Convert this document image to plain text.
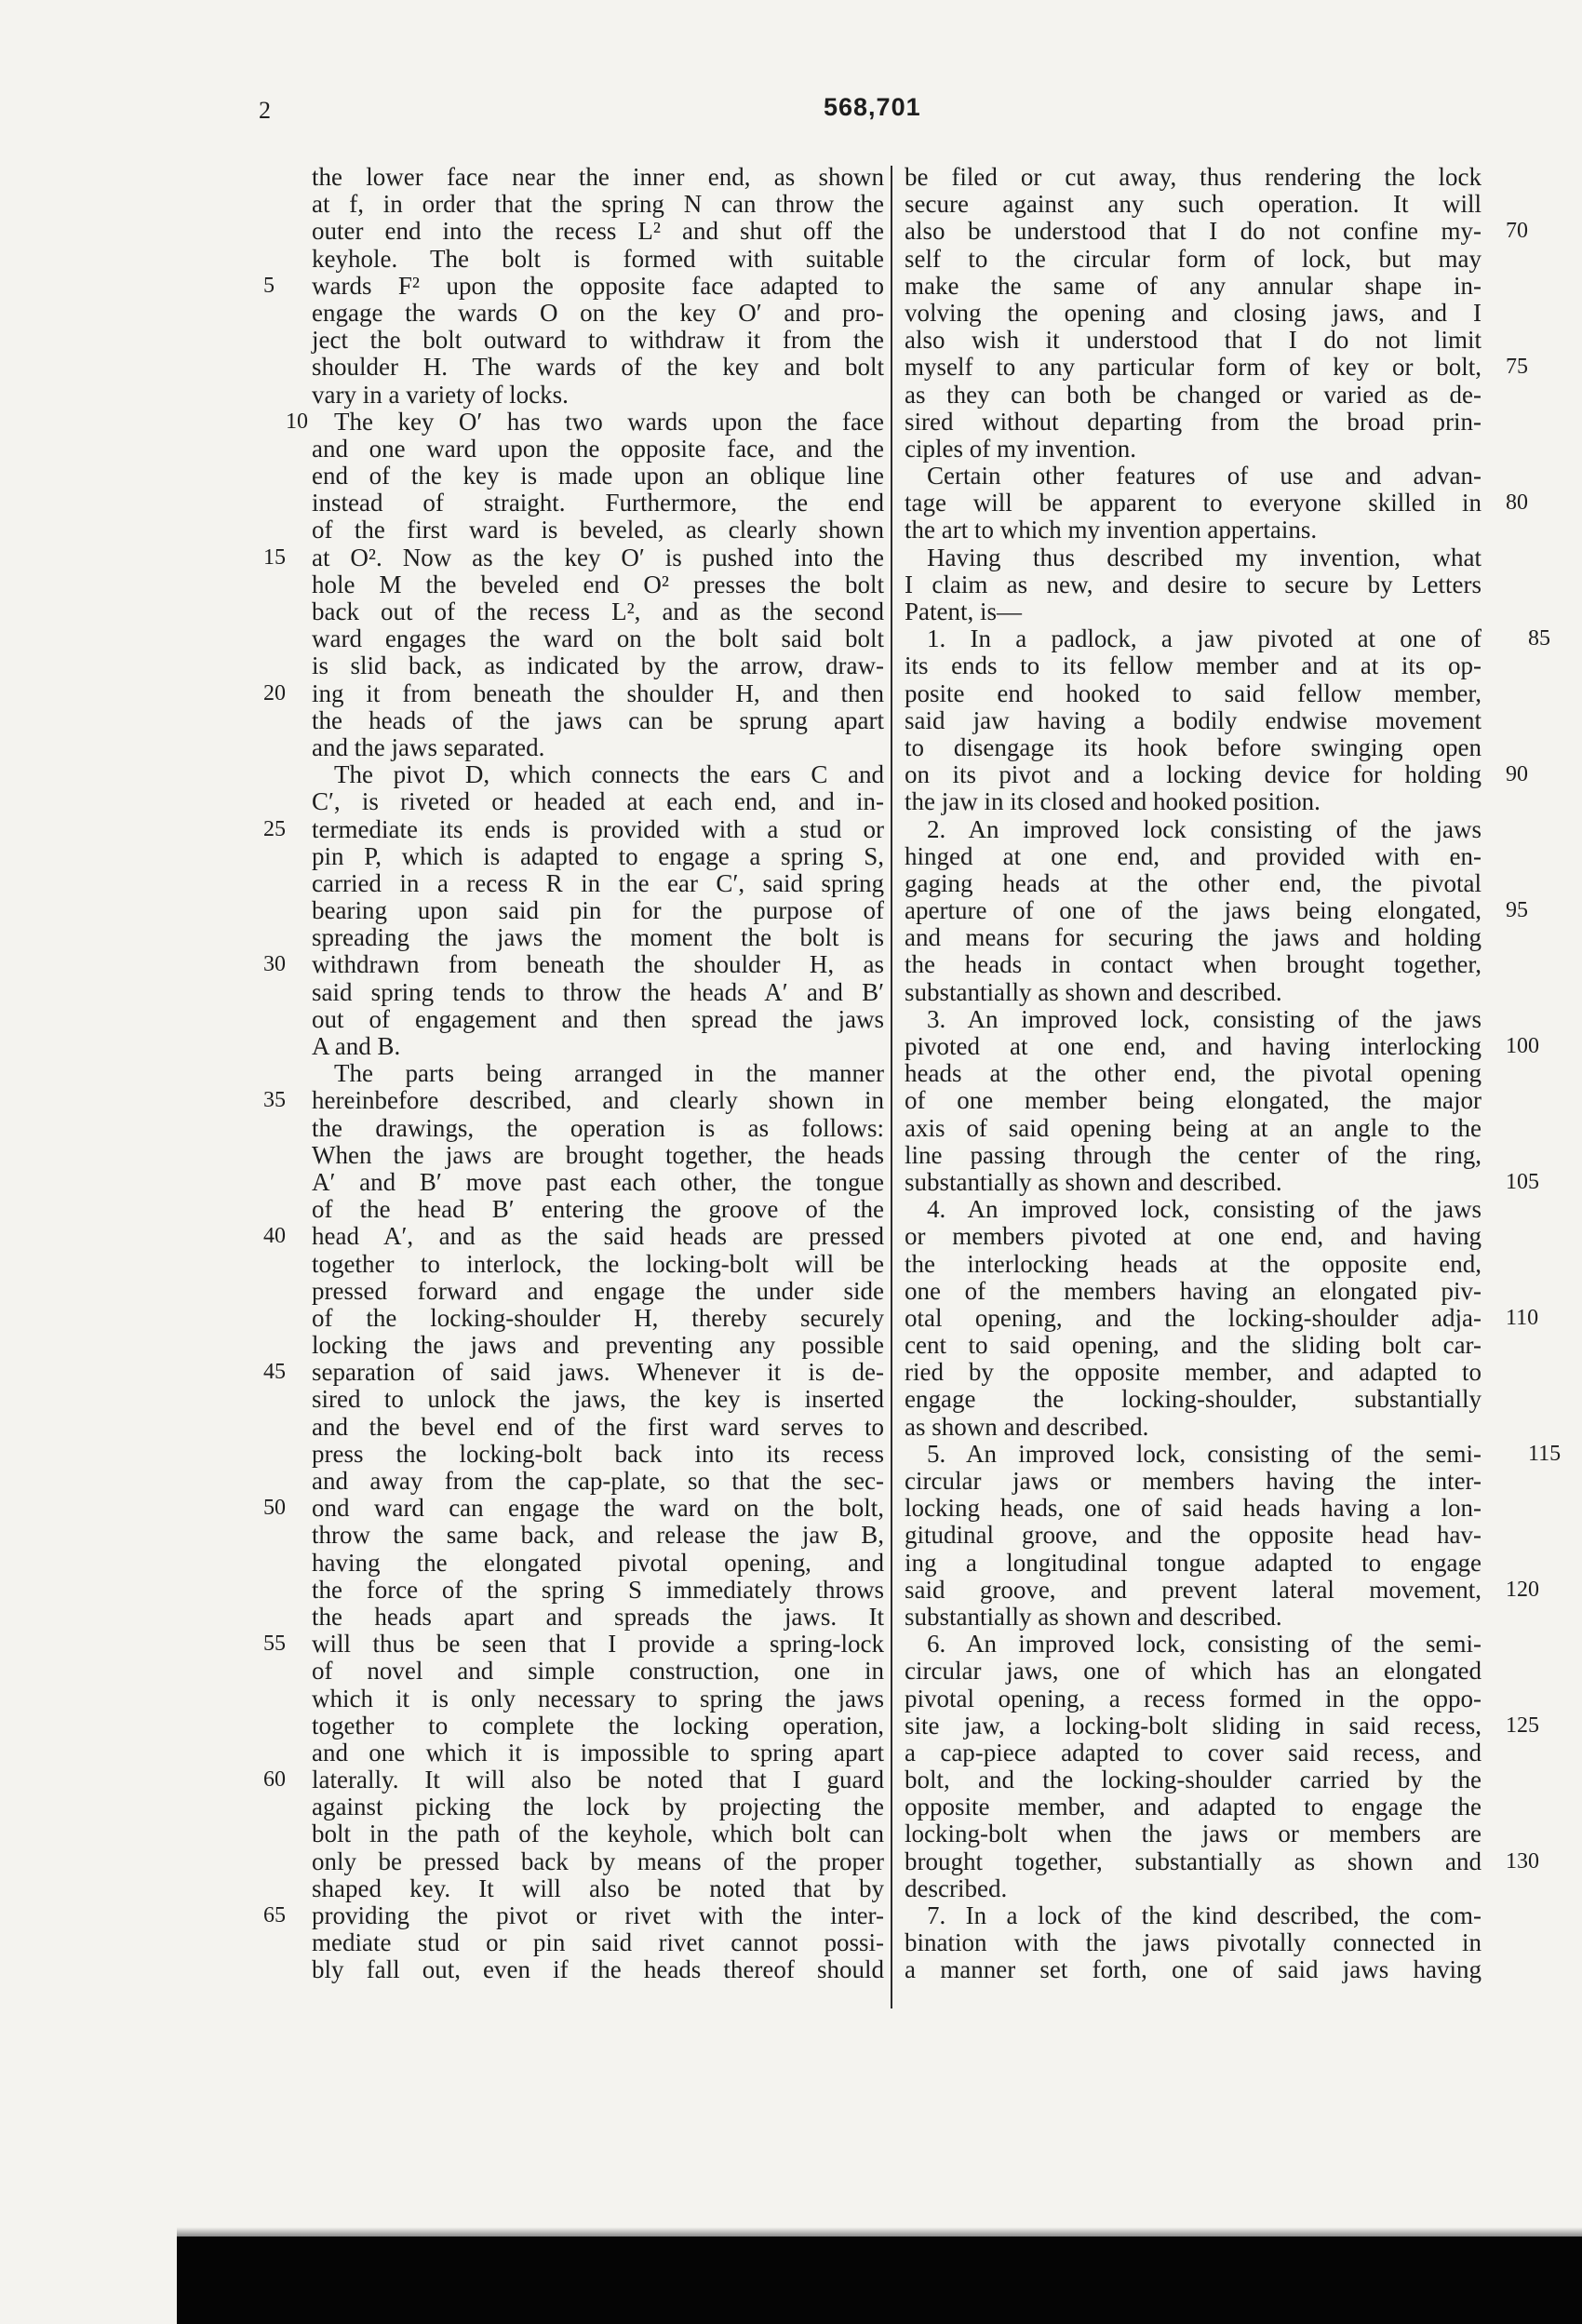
2	568,701
the lower face near the inner end, as shown
at f, in order that the spring N can throw the
outer end into the recess L² and shut off the
keyhole. The bolt is formed with suitable
wards F² upon the opposite face adapted to
5
engage the wards O on the key O′ and pro-
ject the bolt outward to withdraw it from the
shoulder H. The wards of the key and bolt
vary in a variety of locks.
The key O′ has two wards upon the face
10
and one ward upon the opposite face, and the
end of the key is made upon an oblique line
instead of straight. Furthermore, the end
of the first ward is beveled, as clearly shown
at O². Now as the key O′ is pushed into the
15
hole M the beveled end O² presses the bolt
back out of the recess L², and as the second
ward engages the ward on the bolt said bolt
is slid back, as indicated by the arrow, draw-
ing it from beneath the shoulder H, and then
20
the heads of the jaws can be sprung apart
and the jaws separated.
The pivot D, which connects the ears C and
C′, is riveted or headed at each end, and in-
termediate its ends is provided with a stud or
25
pin P, which is adapted to engage a spring S,
carried in a recess R in the ear C′, said spring
bearing upon said pin for the purpose of
spreading the jaws the moment the bolt is
withdrawn from beneath the shoulder H, as
30
said spring tends to throw the heads A′ and B′
out of engagement and then spread the jaws
A and B.
The parts being arranged in the manner
hereinbefore described, and clearly shown in
35
the drawings, the operation is as follows:
When the jaws are brought together, the heads
A′ and B′ move past each other, the tongue
of the head B′ entering the groove of the
head A′, and as the said heads are pressed
40
together to interlock, the locking-bolt will be
pressed forward and engage the under side
of the locking-shoulder H, thereby securely
locking the jaws and preventing any possible
separation of said jaws. Whenever it is de-
45
sired to unlock the jaws, the key is inserted
and the bevel end of the first ward serves to
press the locking-bolt back into its recess
and away from the cap-plate, so that the sec-
ond ward can engage the ward on the bolt,
50
throw the same back, and release the jaw B,
having the elongated pivotal opening, and
the force of the spring S immediately throws
the heads apart and spreads the jaws. It
will thus be seen that I provide a spring-lock
55
of novel and simple construction, one in
which it is only necessary to spring the jaws
together to complete the locking operation,
and one which it is impossible to spring apart
laterally. It will also be noted that I guard
60
against picking the lock by projecting the
bolt in the path of the keyhole, which bolt can
only be pressed back by means of the proper
shaped key. It will also be noted that by
providing the pivot or rivet with the inter-
65
mediate stud or pin said rivet cannot possi-
bly fall out, even if the heads thereof should
be filed or cut away, thus rendering the lock
secure against any such operation. It will
also be understood that I do not confine my- 70
self to the circular form of lock, but may
make the same of any annular shape in-
volving the opening and closing jaws, and I
also wish it understood that I do not limit
myself to any particular form of key or bolt, 75
as they can both be changed or varied as de-
sired without departing from the broad prin-
ciples of my invention.
Certain other features of use and advan-
tage will be apparent to everyone skilled in 80
the art to which my invention appertains.
Having thus described my invention, what
I claim as new, and desire to secure by Letters
Patent, is—
1. In a padlock, a jaw pivoted at one of	85
its ends to its fellow member and at its op-
posite end hooked to said fellow member,
said jaw having a bodily endwise movement
to disengage its hook before swinging open
on its pivot and a locking device for holding 90
the jaw in its closed and hooked position.
2. An improved lock consisting of the jaws
hinged at one end, and provided with en-
gaging heads at the other end, the pivotal
aperture of one of the jaws being elongated, 95
and means for securing the jaws and holding
the heads in contact when brought together,
substantially as shown and described.
3. An improved lock, consisting of the jaws
pivoted at one end, and having interlocking 100
heads at the other end, the pivotal opening
of one member being elongated, the major
axis of said opening being at an angle to the
line passing through the center of the ring,
substantially as shown and described.	105
4. An improved lock, consisting of the jaws
or members pivoted at one end, and having
the interlocking heads at the opposite end,
one of the members having an elongated piv-
otal opening, and the locking-shoulder adja- 110
cent to said opening, and the sliding bolt car-
ried by the opposite member, and adapted to
engage the locking-shoulder, substantially
as shown and described.
5. An improved lock, consisting of the semi-	115
circular jaws or members having the inter-
locking heads, one of said heads having a lon-
gitudinal groove, and the opposite head hav-
ing a longitudinal tongue adapted to engage
said groove, and prevent lateral movement, 120
substantially as shown and described.
6. An improved lock, consisting of the semi-
circular jaws, one of which has an elongated
pivotal opening, a recess formed in the oppo-
site jaw, a locking-bolt sliding in said recess, 125
a cap-piece adapted to cover said recess, and
bolt, and the locking-shoulder carried by the
opposite member, and adapted to engage the
locking-bolt when the jaws or members are
brought together, substantially as shown and 130
described.
7. In a lock of the kind described, the com-
bination with the jaws pivotally connected in
a manner set forth, one of said jaws having
